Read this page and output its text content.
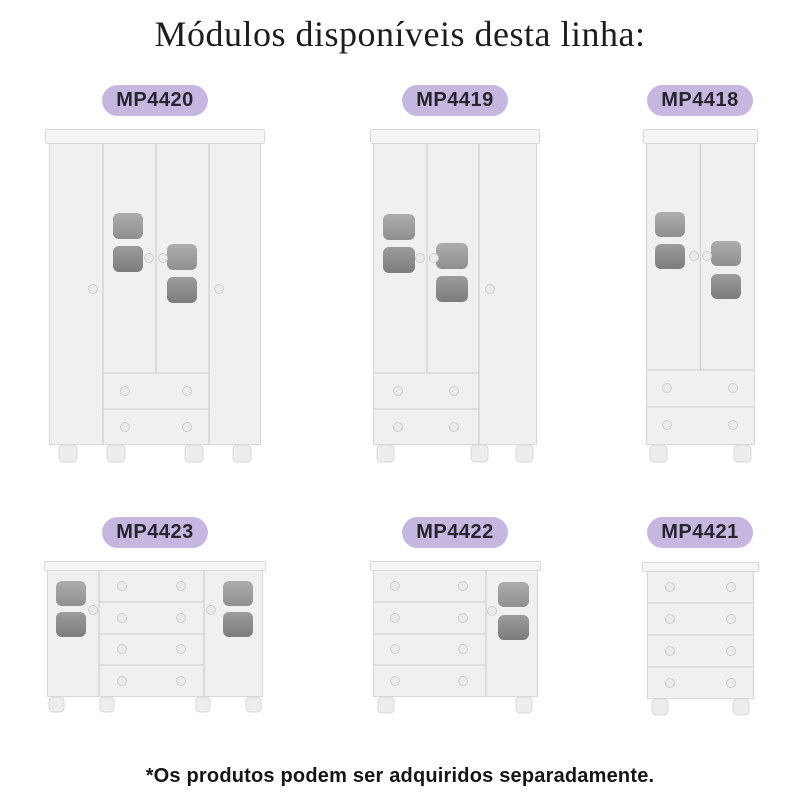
Módulos disponíveis desta linha:
MP4420	MP4419	MP4418
MP4423	MP4422	MP4421
*Os produtos podem ser adquiridos separadamente.
